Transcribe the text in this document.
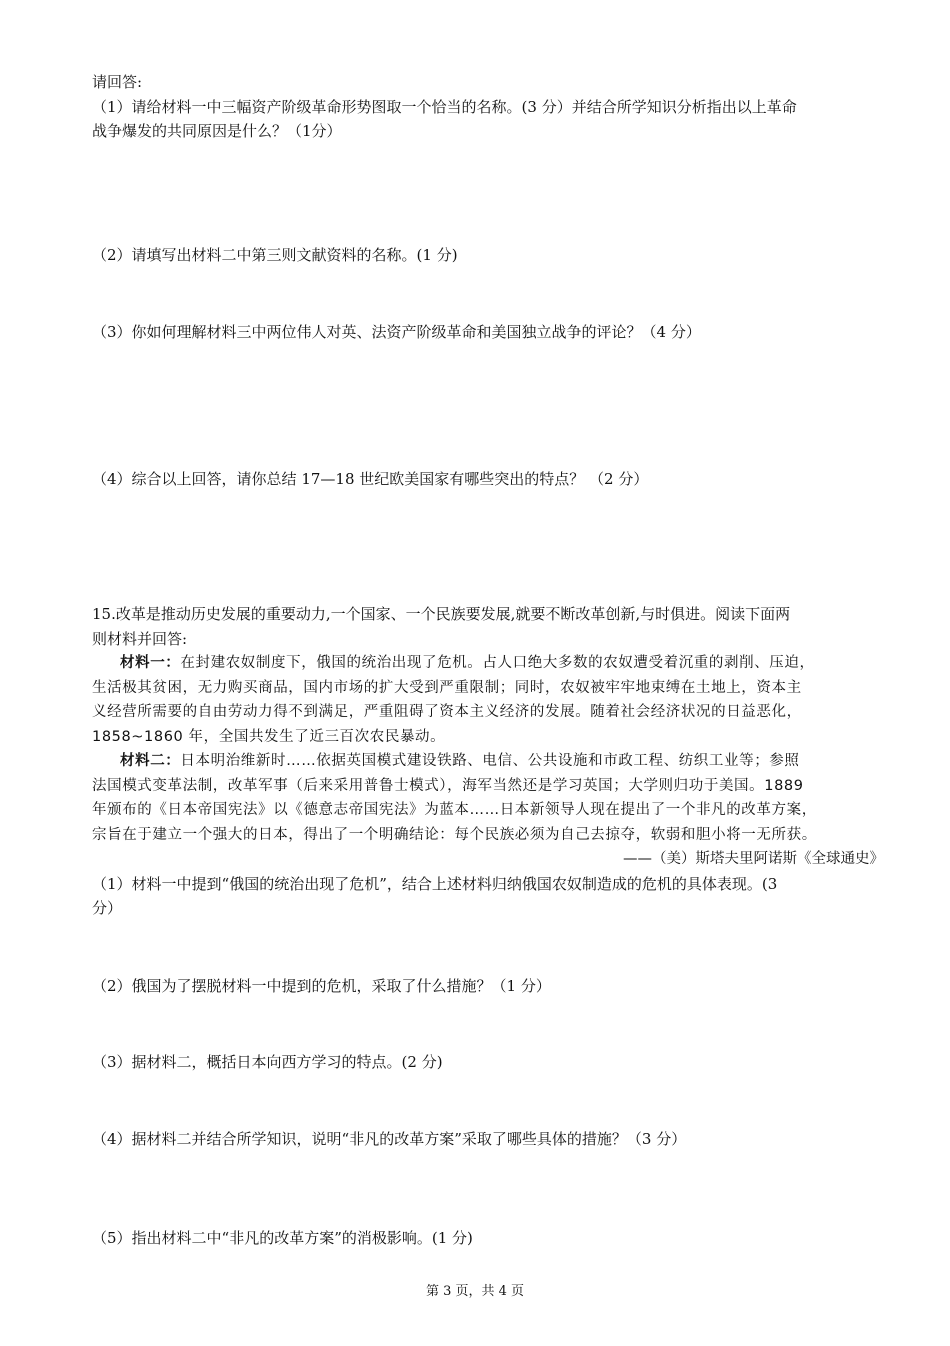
请回答:
（1）请给材料一中三幅资产阶级革命形势图取一个恰当的名称。(3 分）并结合所学知识分析指出以上革命
战争爆发的共同原因是什么？（1分）
（2）请填写出材料二中第三则文献资料的名称。(1 分)
（3）你如何理解材料三中两位伟人对英、法资产阶级革命和美国独立战争的评论？（4 分）
（4）综合以上回答，请你总结 17—18 世纪欧美国家有哪些突出的特点？ （2 分）
15.改革是推动历史发展的重要动力,一个国家、一个民族要发展,就要不断改革创新,与时俱进。阅读下面两
则材料并回答:
材料一：在封建农奴制度下，俄国的统治出现了危机。占人口绝大多数的农奴遭受着沉重的剥削、压迫，
生活极其贫困，无力购买商品，国内市场的扩大受到严重限制；同时，农奴被牢牢地束缚在土地上，资本主
义经营所需要的自由劳动力得不到满足，严重阻碍了资本主义经济的发展。随着社会经济状况的日益恶化，
1858~1860 年，全国共发生了近三百次农民暴动。
材料二：日本明治维新时……依据英国模式建设铁路、电信、公共设施和市政工程、纺织工业等；参照
法国模式变革法制，改革军事（后来采用普鲁士模式），海军当然还是学习英国；大学则归功于美国。1889
年颁布的《日本帝国宪法》以《德意志帝国宪法》为蓝本……日本新领导人现在提出了一个非凡的改革方案，
宗旨在于建立一个强大的日本，得出了一个明确结论：每个民族必须为自己去掠夺，软弱和胆小将一无所获。
——（美）斯塔夫里阿诺斯《全球通史》
（1）材料一中提到“俄国的统治出现了危机”，结合上述材料归纳俄国农奴制造成的危机的具体表现。(3
分）
（2）俄国为了摆脱材料一中提到的危机，采取了什么措施？（1 分）
（3）据材料二，概括日本向西方学习的特点。(2 分)
（4）据材料二并结合所学知识，说明“非凡的改革方案”采取了哪些具体的措施？（3 分）
（5）指出材料二中“非凡的改革方案”的消极影响。(1 分)
第 3 页，共 4 页
